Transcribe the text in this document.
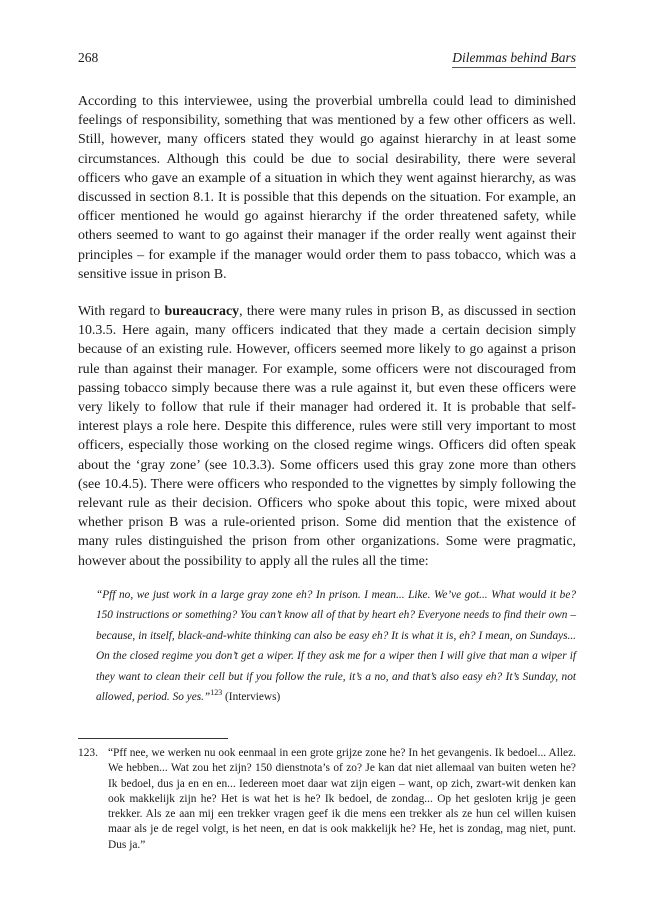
268	Dilemmas behind Bars

According to this interviewee, using the proverbial umbrella could lead to diminished feelings of responsibility, something that was mentioned by a few other officers as well. Still, however, many officers stated they would go against hierarchy in at least some circumstances. Although this could be due to social desirability, there were several officers who gave an example of a situation in which they went against hierarchy, as was discussed in section 8.1. It is possible that this depends on the situation. For example, an officer mentioned he would go against hierarchy if the order threatened safety, while others seemed to want to go against their manager if the order really went against their principles – for example if the manager would order them to pass tobacco, which was a sensitive issue in prison B.

With regard to bureaucracy, there were many rules in prison B, as discussed in section 10.3.5. Here again, many officers indicated that they made a certain decision simply because of an existing rule. However, officers seemed more likely to go against a prison rule than against their manager. For example, some officers were not discouraged from passing tobacco simply because there was a rule against it, but even these officers were very likely to follow that rule if their manager had ordered it. It is probable that self-interest plays a role here. Despite this difference, rules were still very important to most officers, especially those working on the closed regime wings. Officers did often speak about the ‘gray zone’ (see 10.3.3). Some officers used this gray zone more than others (see 10.4.5). There were officers who responded to the vignettes by simply following the relevant rule as their decision. Officers who spoke about this topic, were mixed about whether prison B was a rule-oriented prison. Some did mention that the existence of many rules distinguished the prison from other organizations. Some were pragmatic, however about the possibility to apply all the rules all the time:

“Pff no, we just work in a large gray zone eh? In prison. I mean... Like. We’ve got... What would it be? 150 instructions or something? You can’t know all of that by heart eh? Everyone needs to find their own – because, in itself, black-and-white thinking can also be easy eh? It is what it is, eh? I mean, on Sundays... On the closed regime you don’t get a wiper. If they ask me for a wiper then I will give that man a wiper if they want to clean their cell but if you follow the rule, it’s a no, and that’s also easy eh? It’s Sunday, not allowed, period. So yes.”$^{123}$ (Interviews)
123. “Pff nee, we werken nu ook eenmaal in een grote grijze zone he? In het gevangenis. Ik bedoel... Allez. We hebben... Wat zou het zijn? 150 dienstnota’s of zo? Je kan dat niet allemaal van buiten weten he? Ik bedoel, dus ja en en en... Iedereen moet daar wat zijn eigen – want, op zich, zwart-wit denken kan ook makkelijk zijn he? Het is wat het is he? Ik bedoel, de zondag... Op het gesloten krijg je geen trekker. Als ze aan mij een trekker vragen geef ik die mens een trekker als ze hun cel willen kuisen maar als je de regel volgt, is het neen, en dat is ook makkelijk he? He, het is zondag, mag niet, punt. Dus ja.”
